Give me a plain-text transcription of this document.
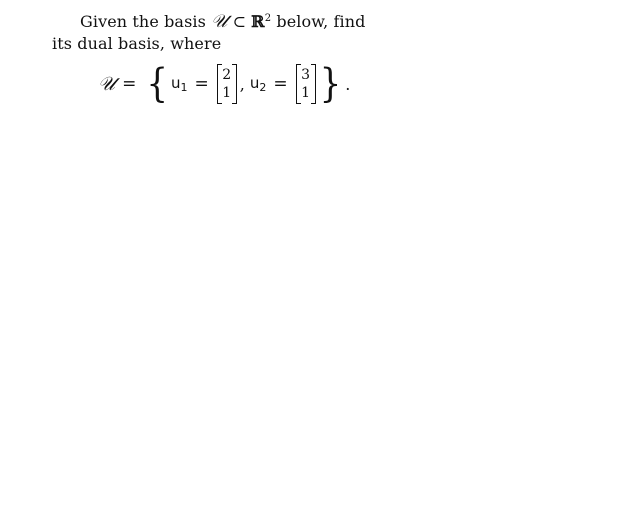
Given the basis 𝒰 ⊂ ℝ$^2$ below, find
its dual basis, where
𝒰 = { $u_1 = 2$
1 , $u_2 = 3$
1 } .
